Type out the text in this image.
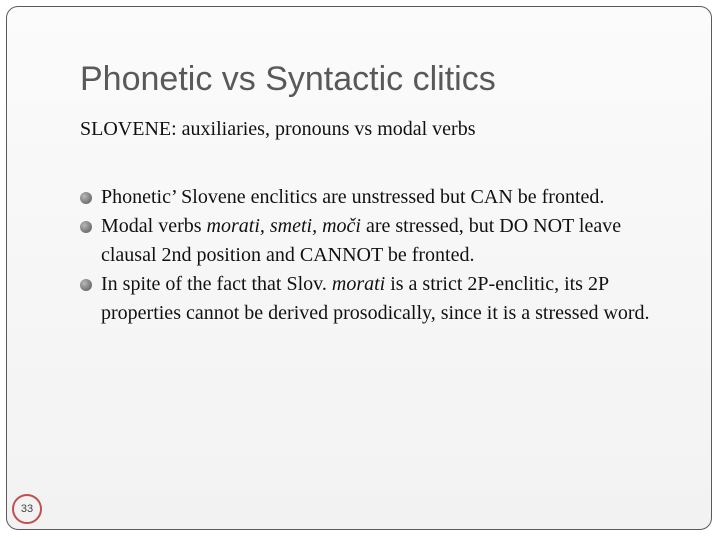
Phonetic vs Syntactic clitics
SLOVENE: auxiliaries, pronouns vs modal verbs
Phonetic’ Slovene enclitics are unstressed but CAN be fronted.
Modal verbs morati, smeti, moči are stressed, but DO NOT leave clausal 2nd position and CANNOT be fronted.
In spite of the fact that Slov. morati is a strict 2P-enclitic, its 2P properties cannot be derived prosodically, since it is a stressed word.
33
